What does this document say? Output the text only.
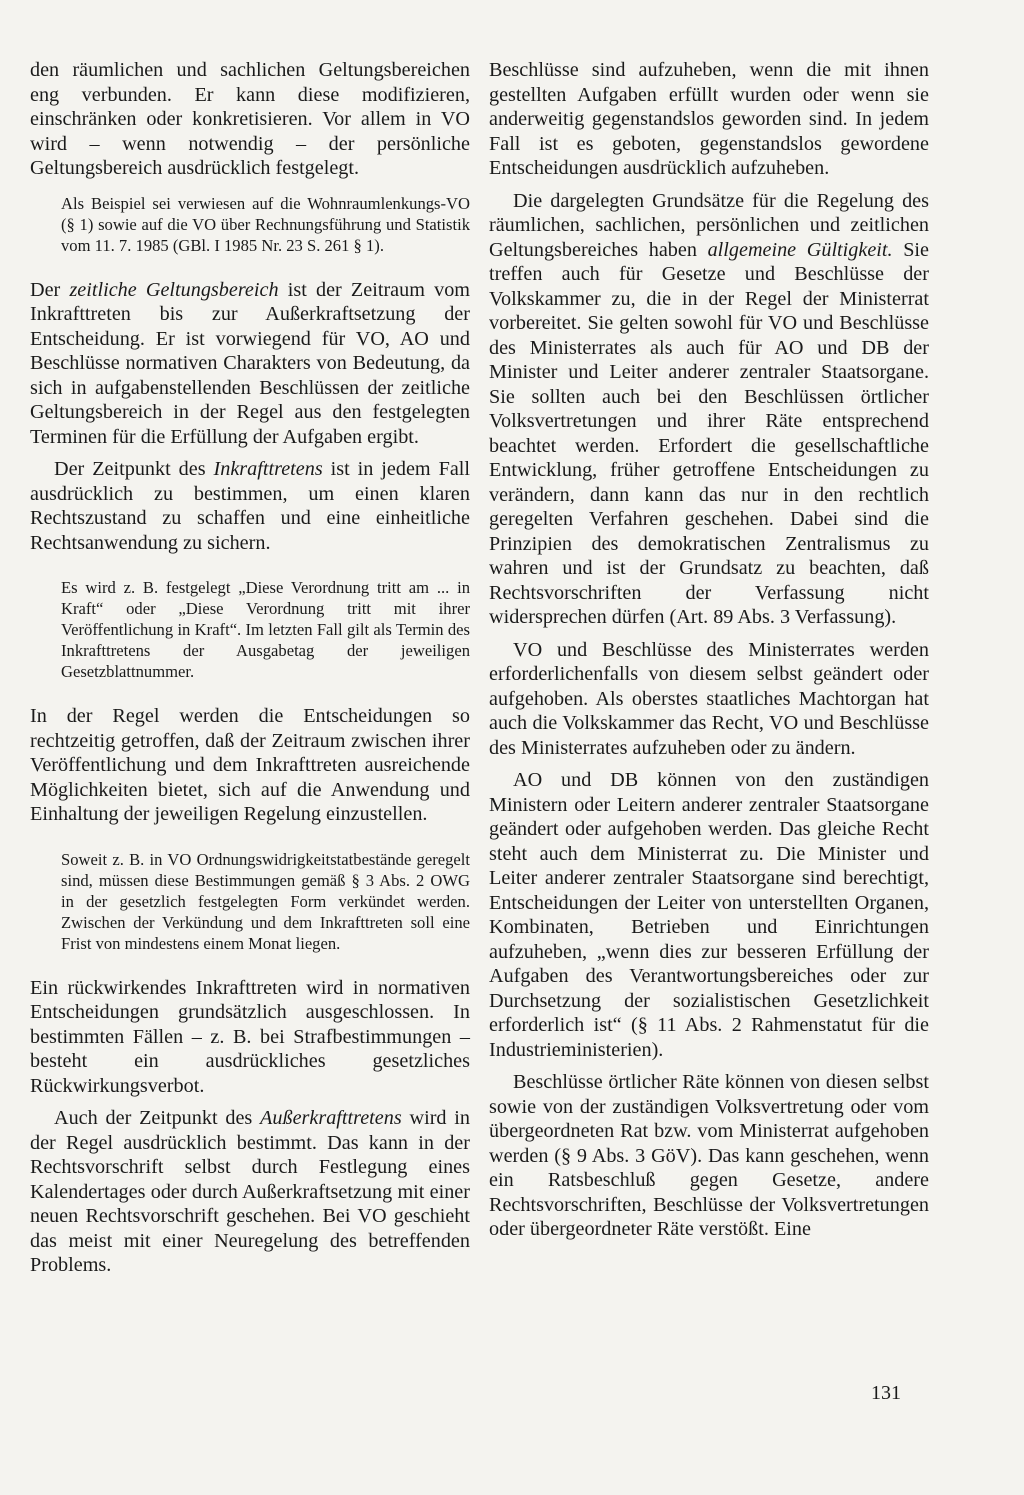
den räumlichen und sachlichen Geltungsbereichen eng verbunden. Er kann diese modifizieren, einschränken oder konkretisieren. Vor allem in VO wird – wenn notwendig – der persönliche Geltungsbereich ausdrücklich festgelegt.

Als Beispiel sei verwiesen auf die Wohnraumlenkungs-VO (§ 1) sowie auf die VO über Rechnungsführung und Statistik vom 11. 7. 1985 (GBl. I 1985 Nr. 23 S. 261 § 1).

Der zeitliche Geltungsbereich ist der Zeitraum vom Inkrafttreten bis zur Außerkraftsetzung der Entscheidung. Er ist vorwiegend für VO, AO und Beschlüsse normativen Charakters von Bedeutung, da sich in aufgabenstellenden Beschlüssen der zeitliche Geltungsbereich in der Regel aus den festgelegten Terminen für die Erfüllung der Aufgaben ergibt.

Der Zeitpunkt des Inkrafttretens ist in jedem Fall ausdrücklich zu bestimmen, um einen klaren Rechtszustand zu schaffen und eine einheitliche Rechtsanwendung zu sichern.

Es wird z. B. festgelegt „Diese Verordnung tritt am ... in Kraft“ oder „Diese Verordnung tritt mit ihrer Veröffentlichung in Kraft“. Im letzten Fall gilt als Termin des Inkrafttretens der Ausgabetag der jeweiligen Gesetzblattnummer.

In der Regel werden die Entscheidungen so rechtzeitig getroffen, daß der Zeitraum zwischen ihrer Veröffentlichung und dem Inkrafttreten ausreichende Möglichkeiten bietet, sich auf die Anwendung und Einhaltung der jeweiligen Regelung einzustellen.

Soweit z. B. in VO Ordnungswidrigkeitstatbestände geregelt sind, müssen diese Bestimmungen gemäß § 3 Abs. 2 OWG in der gesetzlich festgelegten Form verkündet werden. Zwischen der Verkündung und dem Inkrafttreten soll eine Frist von mindestens einem Monat liegen.

Ein rückwirkendes Inkrafttreten wird in normativen Entscheidungen grundsätzlich ausgeschlossen. In bestimmten Fällen – z. B. bei Strafbestimmungen – besteht ein ausdrückliches gesetzliches Rückwirkungsverbot.

Auch der Zeitpunkt des Außerkrafttretens wird in der Regel ausdrücklich bestimmt. Das kann in der Rechtsvorschrift selbst durch Festlegung eines Kalendertages oder durch Außerkraftsetzung mit einer neuen Rechtsvorschrift geschehen. Bei VO geschieht das meist mit einer Neuregelung des betreffenden Problems.

Beschlüsse sind aufzuheben, wenn die mit ihnen gestellten Aufgaben erfüllt wurden oder wenn sie anderweitig gegenstandslos geworden sind. In jedem Fall ist es geboten, gegenstandslos gewordene Entscheidungen ausdrücklich aufzuheben.

Die dargelegten Grundsätze für die Regelung des räumlichen, sachlichen, persönlichen und zeitlichen Geltungsbereiches haben allgemeine Gültigkeit. Sie treffen auch für Gesetze und Beschlüsse der Volkskammer zu, die in der Regel der Ministerrat vorbereitet. Sie gelten sowohl für VO und Beschlüsse des Ministerrates als auch für AO und DB der Minister und Leiter anderer zentraler Staatsorgane. Sie sollten auch bei den Beschlüssen örtlicher Volksvertretungen und ihrer Räte entsprechend beachtet werden. Erfordert die gesellschaftliche Entwicklung, früher getroffene Entscheidungen zu verändern, dann kann das nur in den rechtlich geregelten Verfahren geschehen. Dabei sind die Prinzipien des demokratischen Zentralismus zu wahren und ist der Grundsatz zu beachten, daß Rechtsvorschriften der Verfassung nicht widersprechen dürfen (Art. 89 Abs. 3 Verfassung).

VO und Beschlüsse des Ministerrates werden erforderlichenfalls von diesem selbst geändert oder aufgehoben. Als oberstes staatliches Machtorgan hat auch die Volkskammer das Recht, VO und Beschlüsse des Ministerrates aufzuheben oder zu ändern.

AO und DB können von den zuständigen Ministern oder Leitern anderer zentraler Staatsorgane geändert oder aufgehoben werden. Das gleiche Recht steht auch dem Ministerrat zu. Die Minister und Leiter anderer zentraler Staatsorgane sind berechtigt, Entscheidungen der Leiter von unterstellten Organen, Kombinaten, Betrieben und Einrichtungen aufzuheben, „wenn dies zur besseren Erfüllung der Aufgaben des Verantwortungsbereiches oder zur Durchsetzung der sozialistischen Gesetzlichkeit erforderlich ist“ (§ 11 Abs. 2 Rahmenstatut für die Industrieministerien).

Beschlüsse örtlicher Räte können von diesen selbst sowie von der zuständigen Volksvertretung oder vom übergeordneten Rat bzw. vom Ministerrat aufgehoben werden (§ 9 Abs. 3 GöV). Das kann geschehen, wenn ein Ratsbeschluß gegen Gesetze, andere Rechtsvorschriften, Beschlüsse der Volksvertretungen oder übergeordneter Räte verstößt. Eine

131
